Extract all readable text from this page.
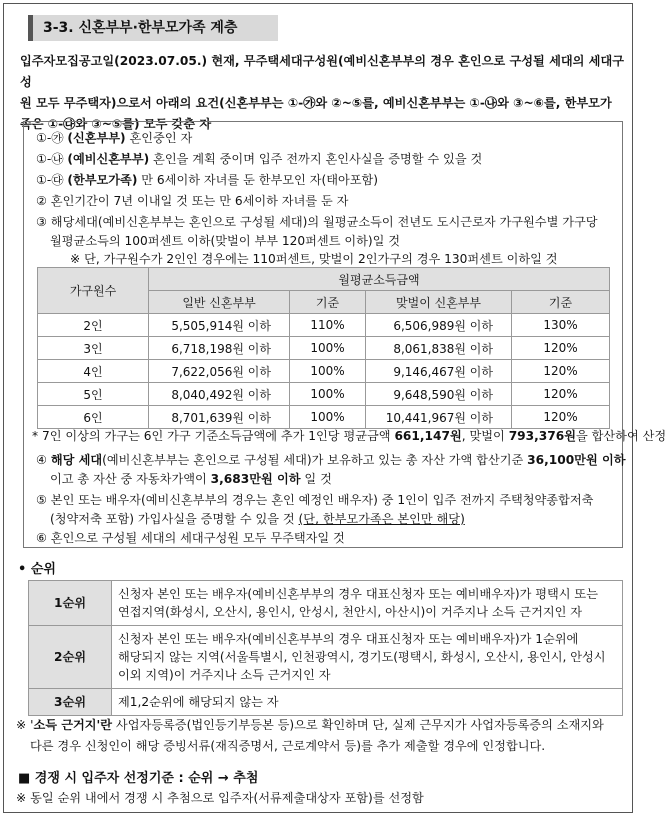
3-3. 신혼부부·한부모가족 계층
입주자모집공고일(2023.07.05.) 현재, 무주택세대구성원(예비신혼부부의 경우 혼인으로 구성될 세대의 세대구성
원 모두 무주택자)으로서 아래의 요건(신혼부부는 ①-㉮와 ②~⑤를, 예비신혼부부는 ①-㉯와 ③~⑥를, 한부모가
족은 ①-㉰와 ③~⑤를) 모두 갖춘 자
①-㉮ (신혼부부) 혼인중인 자
①-㉯ (예비신혼부부) 혼인을 계획 중이며 입주 전까지 혼인사실을 증명할 수 있을 것
①-㉰ (한부모가족) 만 6세이하 자녀를 둔 한부모인 자(태아포함)
② 혼인기간이 7년 이내일 것 또는 만 6세이하 자녀를 둔 자
③ 해당세대(예비신혼부부는 혼인으로 구성될 세대)의 월평균소득이 전년도 도시근로자 가구원수별 가구당
월평균소득의 100퍼센트 이하(맞벌이 부부 120퍼센트 이하)일 것
※ 단, 가구원수가 2인인 경우에는 110퍼센트, 맞벌이 2인가구의 경우 130퍼센트 이하일 것
가구원수	월평균소득금액			
	일반 신혼부부	기준	맞벌이 신혼부부	기준
2인	5,505,914원 이하	110%	6,506,989원 이하	130%
3인	6,718,198원 이하	100%	8,061,838원 이하	120%
4인	7,622,056원 이하	100%	9,146,467원 이하	120%
5인	8,040,492원 이하	100%	9,648,590원 이하	120%
6인	8,701,639원 이하	100%	10,441,967원 이하	120%
* 7인 이상의 가구는 6인 가구 기준소득금액에 추가 1인당 평균금액 661,147원, 맞벌이 793,376원을 합산하여 산정
④ 해당 세대(예비신혼부부는 혼인으로 구성될 세대)가 보유하고 있는 총 자산 가액 합산기준 36,100만원 이하
이고 총 자산 중 자동차가액이 3,683만원 이하 일 것
⑤ 본인 또는 배우자(예비신혼부부의 경우는 혼인 예정인 배우자) 중 1인이 입주 전까지 주택청약종합저축
(청약저축 포함) 가입사실을 증명할 수 있을 것 (단, 한부모가족은 본인만 해당)
⑥ 혼인으로 구성될 세대의 세대구성원 모두 무주택자일 것
• 순위
1순위	신청자 본인 또는 배우자(예비신혼부부의 경우 대표신청자 또는 예비배우자)가 평택시 또는
연접지역(화성시, 오산시, 용인시, 안성시, 천안시, 아산시)이 거주지나 소득 근거지인 자

2순위	신청자 본인 또는 배우자(예비신혼부부의 경우 대표신청자 또는 예비배우자)가 1순위에
해당되지 않는 지역(서울특별시, 인천광역시, 경기도(평택시, 화성시, 오산시, 용인시, 안성시
이외 지역)이 거주지나 소득 근거지인 자

3순위	제1,2순위에 해당되지 않는 자
※ '소득 근거지'란 사업자등록증(법인등기부등본 등)으로 확인하며 단, 실제 근무지가 사업자등록증의 소재지와
다른 경우 신청인이 해당 증빙서류(재직증명서, 근로계약서 등)를 추가 제출할 경우에 인정합니다.
■ 경쟁 시 입주자 선정기준 : 순위 → 추첨
※ 동일 순위 내에서 경쟁 시 추첨으로 입주자(서류제출대상자 포함)를 선정함
